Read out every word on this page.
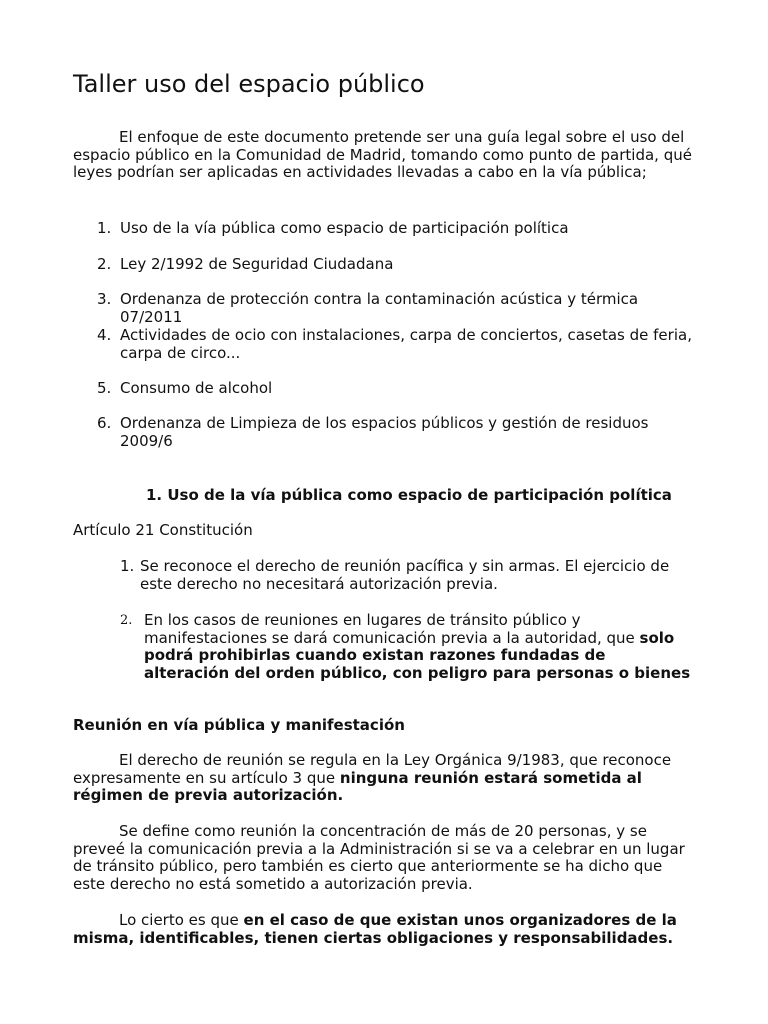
Taller uso del espacio público

El enfoque de este documento pretende ser una guía legal sobre el uso del espacio público en la Comunidad de Madrid, tomando como punto de partida, qué leyes podrían ser aplicadas en actividades llevadas a cabo en la vía pública;

1. Uso de la vía pública como espacio de participación política
2. Ley 2/1992 de Seguridad Ciudadana
3. Ordenanza de protección contra la contaminación acústica y térmica 07/2011
4. Actividades de ocio con instalaciones, carpa de conciertos, casetas de feria, carpa de circo...
5. Consumo de alcohol
6. Ordenanza de Limpieza de los espacios públicos y gestión de residuos 2009/6
1. Uso de la vía pública como espacio de participación política
Artículo 21 Constitución
1. Se reconoce el derecho de reunión pacífica y sin armas. El ejercicio de este derecho no necesitará autorización previa.
2. En los casos de reuniones en lugares de tránsito público y manifestaciones se dará comunicación previa a la autoridad, que solo podrá prohibirlas cuando existan razones fundadas de alteración del orden público, con peligro para personas o bienes
Reunión en vía pública y manifestación

El derecho de reunión se regula en la Ley Orgánica 9/1983, que reconoce expresamente en su artículo 3 que ninguna reunión estará sometida al régimen de previa autorización.

Se define como reunión la concentración de más de 20 personas, y se preveé la comunicación previa a la Administración si se va a celebrar en un lugar de tránsito público, pero también es cierto que anteriormente se ha dicho que este derecho no está sometido a autorización previa.

Lo cierto es que en el caso de que existan unos organizadores de la misma, identificables, tienen ciertas obligaciones y responsabilidades.
